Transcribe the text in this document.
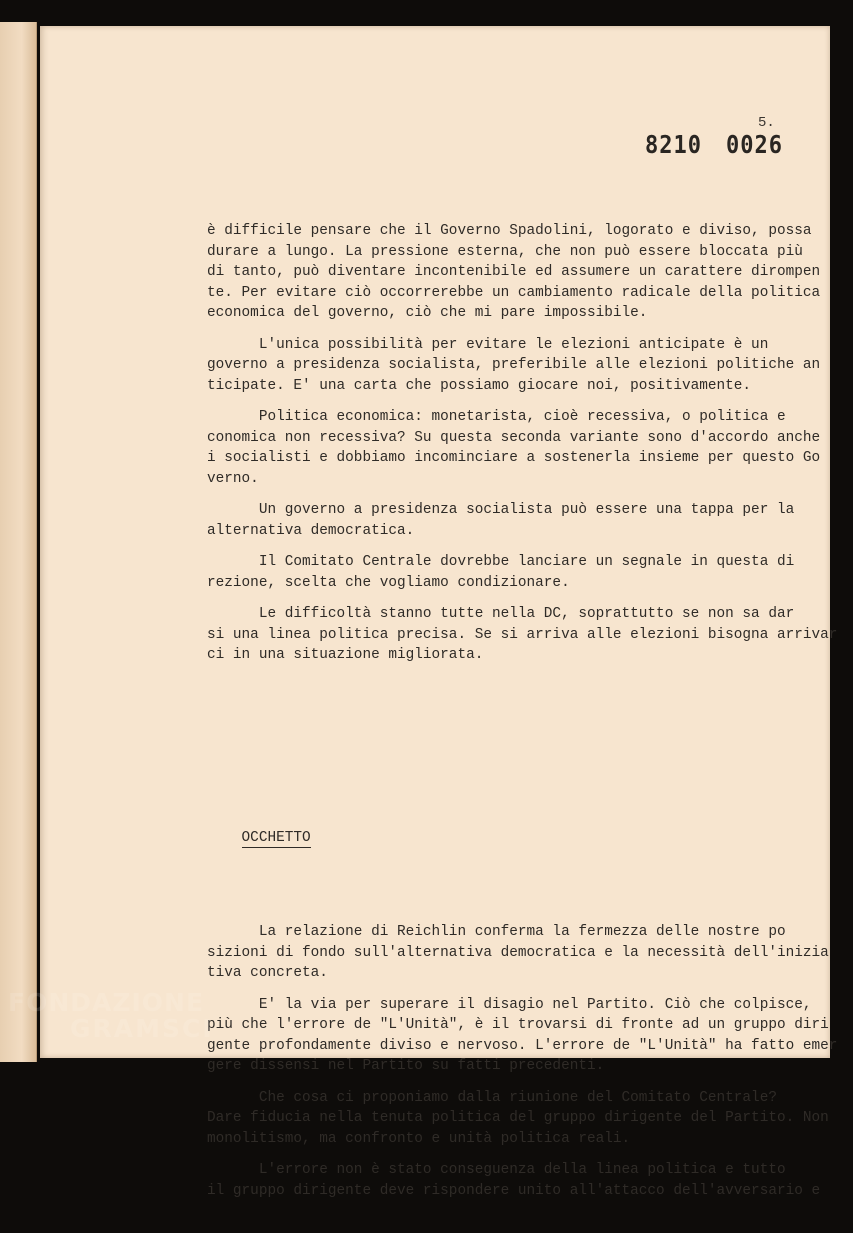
5.
8210 0026

è difficile pensare che il Governo Spadolini, logorato e diviso, possa
durare a lungo. La pressione esterna, che non può essere bloccata più
di tanto, può diventare incontenibile ed assumere un carattere dirompen
te. Per evitare ciò occorrerebbe un cambiamento radicale della politica
economica del governo, ciò che mi pare impossibile.
L'unica possibilità per evitare le elezioni anticipate è un
governo a presidenza socialista, preferibile alle elezioni politiche an
ticipate. E' una carta che possiamo giocare noi, positivamente.
Politica economica: monetarista, cioè recessiva, o politica e
conomica non recessiva? Su questa seconda variante sono d'accordo anche
i socialisti e dobbiamo incominciare a sostenerla insieme per questo Go
verno.
Un governo a presidenza socialista può essere una tappa per la
alternativa democratica.
Il Comitato Centrale dovrebbe lanciare un segnale in questa di
rezione, scelta che vogliamo condizionare.
Le difficoltà stanno tutte nella DC, soprattutto se non sa dar
si una linea politica precisa. Se si arriva alle elezioni bisogna arrivar
ci in una situazione migliorata.

OCCHETTO

La relazione di Reichlin conferma la fermezza delle nostre po
sizioni di fondo sull'alternativa democratica e la necessità dell'inizia
tiva concreta.
E' la via per superare il disagio nel Partito. Ciò che colpisce,
più che l'errore de "L'Unità", è il trovarsi di fronte ad un gruppo diri
gente profondamente diviso e nervoso. L'errore de "L'Unità" ha fatto emer
gere dissensi nel Partito su fatti precedenti.
Che cosa ci proponiamo dalla riunione del Comitato Centrale?
Dare fiducia nella tenuta politica del gruppo dirigente del Partito. Non
monolitismo, ma confronto e unità politica reali.
L'errore non è stato conseguenza della linea politica e tutto
il gruppo dirigente deve rispondere unito all'attacco dell'avversario e

FONDAZIONE
GRAMSCI
